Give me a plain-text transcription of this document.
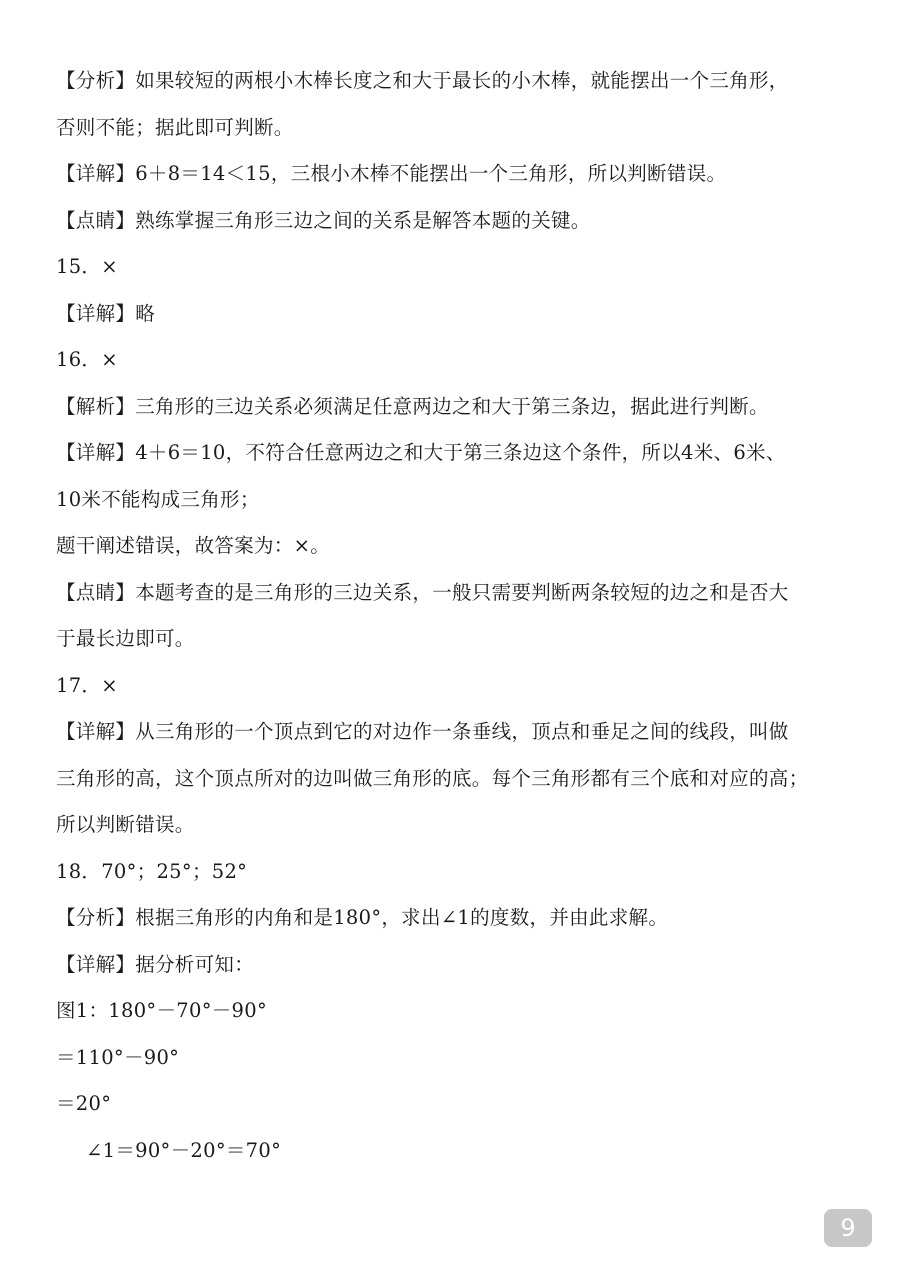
【分析】如果较短的两根小木棒长度之和大于最长的小木棒，就能摆出一个三角形，
否则不能；据此即可判断。
【详解】6＋8＝14＜15，三根小木棒不能摆出一个三角形，所以判断错误。
【点睛】熟练掌握三角形三边之间的关系是解答本题的关键。
15．×
【详解】略
16．×
【解析】三角形的三边关系必须满足任意两边之和大于第三条边，据此进行判断。
【详解】4＋6＝10，不符合任意两边之和大于第三条边这个条件，所以4米、6米、
10米不能构成三角形；
题干阐述错误，故答案为：×。
【点睛】本题考查的是三角形的三边关系，一般只需要判断两条较短的边之和是否大
于最长边即可。
17．×
【详解】从三角形的一个顶点到它的对边作一条垂线，顶点和垂足之间的线段，叫做
三角形的高，这个顶点所对的边叫做三角形的底。每个三角形都有三个底和对应的高；
所以判断错误。
18．70°；25°；52°
【分析】根据三角形的内角和是180°，求出∠1的度数，并由此求解。
【详解】据分析可知：
图1：180°－70°－90°
＝110°－90°
＝20°
∠1＝90°－20°＝70°
9
